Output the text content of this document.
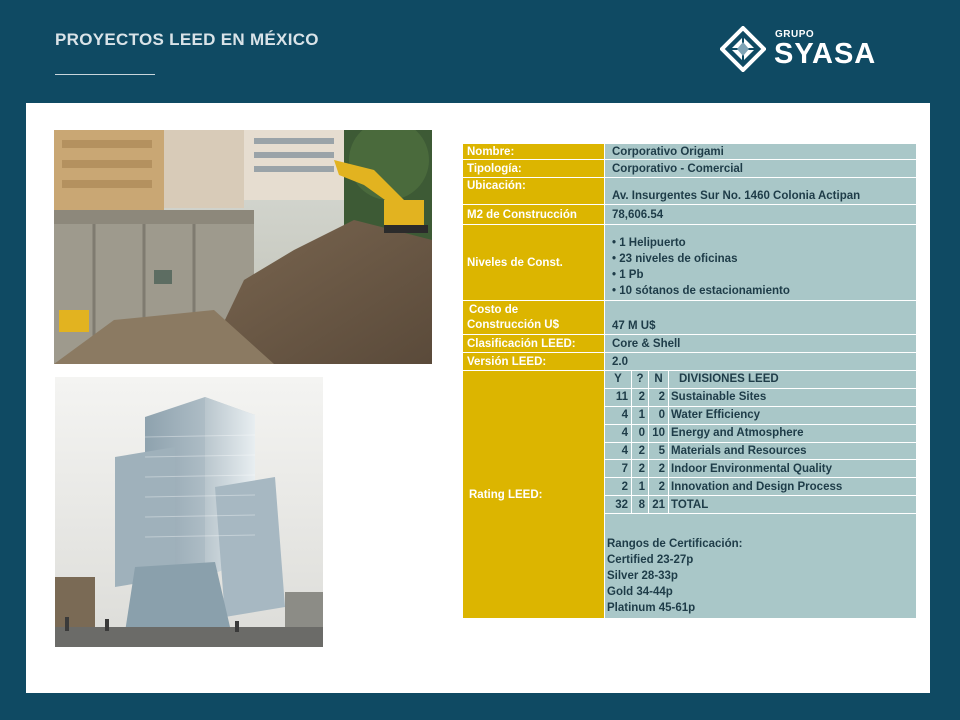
PROYECTOS LEED EN MÉXICO	GRUPO
SYASA
Nombre:	Corporativo Origami
Tipología:	Corporativo - Comercial
Ubicación:
Av. Insurgentes Sur No. 1460 Colonia Actipan
M2 de Construcción	78,606.54
Niveles de Const.
• 1 Helipuerto
• 23 niveles de oficinas
• 1 Pb
• 10 sótanos de estacionamiento
Costo de
Construcción U$	47 M U$
Clasificación LEED:	Core & Shell
Versión LEED:	2.0
Rating LEED:
Y	? N	DIVISIONES LEED
11 2	2 Sustainable Sites
4 1	0 Water Efficiency
4 0 10 Energy and Atmosphere
4 2	5 Materials and Resources
7 2	2 Indoor Environmental Quality
2 1	2 Innovation and Design Process
32 8 21 TOTAL
Rangos de Certificación:
Certified 23-27p
Silver 28-33p
Gold 34-44p
Platinum 45-61p
